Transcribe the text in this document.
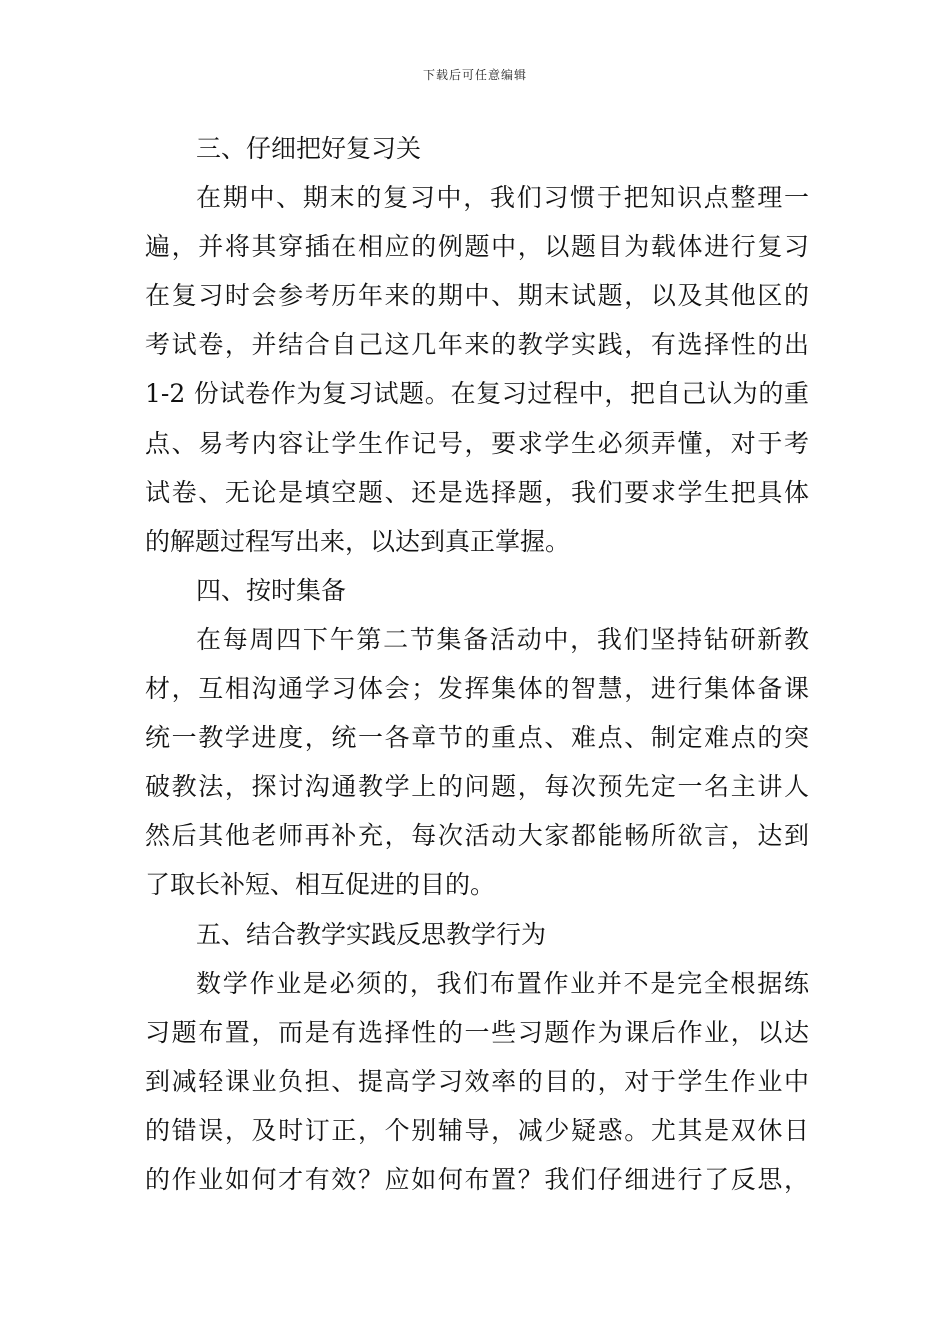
下载后可任意编辑
三、仔细把好复习关
在期中、期末的复习中，我们习惯于把知识点整理一
遍，并将其穿插在相应的例题中，以题目为载体进行复习
在复习时会参考历年来的期中、期末试题，以及其他区的
考试卷，并结合自己这几年来的教学实践，有选择性的出
1-2 份试卷作为复习试题。在复习过程中，把自己认为的重
点、易考内容让学生作记号，要求学生必须弄懂，对于考
试卷、无论是填空题、还是选择题，我们要求学生把具体
的解题过程写出来，以达到真正掌握。
四、按时集备
在每周四下午第二节集备活动中，我们坚持钻研新教
材，互相沟通学习体会；发挥集体的智慧，进行集体备课
统一教学进度，统一各章节的重点、难点、制定难点的突
破教法，探讨沟通教学上的问题，每次预先定一名主讲人
然后其他老师再补充，每次活动大家都能畅所欲言，达到
了取长补短、相互促进的目的。
五、结合教学实践反思教学行为
数学作业是必须的，我们布置作业并不是完全根据练
习题布置，而是有选择性的一些习题作为课后作业，以达
到减轻课业负担、提高学习效率的目的，对于学生作业中
的错误，及时订正，个别辅导，减少疑惑。尤其是双休日
的作业如何才有效？应如何布置？我们仔细进行了反思，
